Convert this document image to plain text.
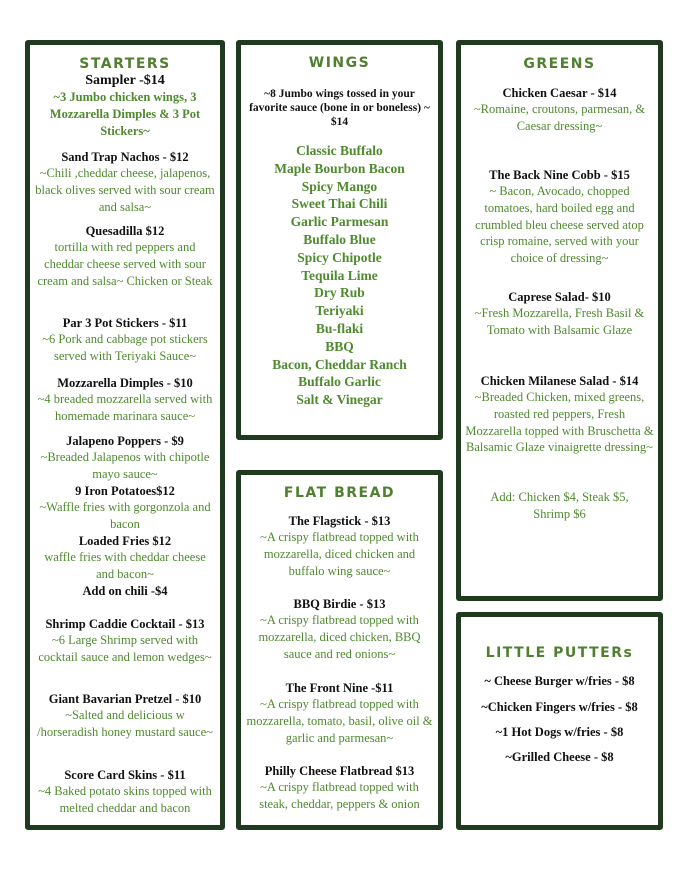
STARTERS
Sampler -$14
~3 Jumbo chicken wings, 3 Mozzarella Dimples & 3 Pot Stickers~
Sand Trap Nachos - $12
~Chili ,cheddar cheese, jalapenos, black olives served with sour cream and salsa~
Quesadilla $12
tortilla with red peppers and cheddar cheese served with sour cream and salsa~ Chicken or Steak
Par 3 Pot Stickers - $11
~6 Pork and cabbage pot stickers served with Teriyaki Sauce~
Mozzarella Dimples - $10
~4 breaded mozzarella served with homemade marinara sauce~
Jalapeno Poppers - $9
~Breaded Jalapenos with chipotle mayo sauce~
9 Iron Potatoes$12
~Waffle fries with gorgonzola and bacon
Loaded Fries $12
waffle fries with cheddar cheese and bacon~
Add on chili -$4
Shrimp Caddie Cocktail - $13
~6 Large Shrimp served with cocktail sauce and lemon wedges~
Giant Bavarian Pretzel - $10
~Salted and delicious w /horseradish honey mustard sauce~
Score Card Skins - $11
~4 Baked potato skins topped with melted cheddar and bacon
WINGS
~8 Jumbo wings tossed in your favorite sauce (bone in or boneless) ~ $14
Classic Buffalo
Maple Bourbon Bacon
Spicy Mango
Sweet Thai Chili
Garlic Parmesan
Buffalo Blue
Spicy Chipotle
Tequila Lime
Dry Rub
Teriyaki
Bu-flaki
BBQ
Bacon, Cheddar Ranch
Buffalo Garlic
Salt & Vinegar
FLAT BREAD
The Flagstick - $13
~A crispy flatbread topped with mozzarella, diced chicken and buffalo wing sauce~
BBQ Birdie - $13
~A crispy flatbread topped with mozzarella, diced chicken, BBQ sauce and red onions~
The Front Nine -$11
~A crispy flatbread topped with mozzarella, tomato, basil, olive oil & garlic and parmesan~
Philly Cheese Flatbread $13
~A crispy flatbread topped with steak, cheddar, peppers & onion
GREENS
Chicken Caesar - $14
~Romaine, croutons, parmesan, & Caesar dressing~
The Back Nine Cobb - $15
~ Bacon, Avocado, chopped tomatoes, hard boiled egg and crumbled bleu cheese served atop crisp romaine, served with your choice of dressing~
Caprese Salad- $10
~Fresh Mozzarella, Fresh Basil & Tomato with Balsamic Glaze
Chicken Milanese Salad - $14
~Breaded Chicken, mixed greens, roasted red peppers, Fresh Mozzarella topped with Bruschetta & Balsamic Glaze vinaigrette dressing~
Add: Chicken $4, Steak $5, Shrimp $6
LITTLE PUTTERs
~ Cheese Burger w/fries - $8
~Chicken Fingers w/fries - $8
~1 Hot Dogs w/fries - $8
~Grilled Cheese - $8
